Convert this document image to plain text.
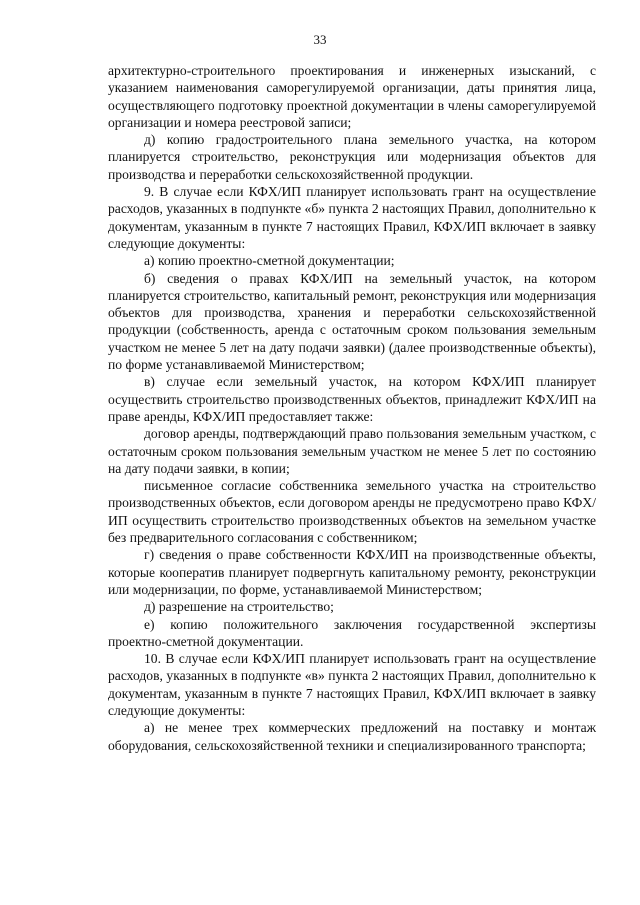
33

архитектурно-строительного проектирования и инженерных изысканий, с указанием наименования саморегулируемой организации, даты принятия лица, осуществляющего подготовку проектной документации в члены саморегулируемой организации и номера реестровой записи;

д) копию градостроительного плана земельного участка, на котором планируется строительство, реконструкция или модернизация объектов для производства и переработки сельскохозяйственной продукции.

9. В случае если КФХ/ИП планирует использовать грант на осуществление расходов, указанных в подпункте «б» пункта 2 настоящих Правил, дополнительно к документам, указанным в пункте 7 настоящих Правил, КФХ/ИП включает в заявку следующие документы:

а) копию проектно-сметной документации;

б) сведения о правах КФХ/ИП на земельный участок, на котором планируется строительство, капитальный ремонт, реконструкция или модернизация объектов для производства, хранения и переработки сельскохозяйственной продукции (собственность, аренда с остаточным сроком пользования земельным участком не менее 5 лет на дату подачи заявки) (далее производственные объекты), по форме устанавливаемой Министерством;

в) случае если земельный участок, на котором КФХ/ИП планирует осуществить строительство производственных объектов, принадлежит КФХ/ИП на праве аренды, КФХ/ИП предоставляет также:

договор аренды, подтверждающий право пользования земельным участком, с остаточным сроком пользования земельным участком не менее 5 лет по состоянию на дату подачи заявки, в копии;

письменное согласие собственника земельного участка на строительство производственных объектов, если договором аренды не предусмотрено право КФХ/ИП осуществить строительство производственных объектов на земельном участке без предварительного согласования с собственником;

г) сведения о праве собственности КФХ/ИП на производственные объекты, которые кооператив планирует подвергнуть капитальному ремонту, реконструкции или модернизации, по форме, устанавливаемой Министерством;

д) разрешение на строительство;

е) копию положительного заключения государственной экспертизы проектно-сметной документации.

10. В случае если КФХ/ИП планирует использовать грант на осуществление расходов, указанных в подпункте «в» пункта 2 настоящих Правил, дополнительно к документам, указанным в пункте 7 настоящих Правил, КФХ/ИП включает в заявку следующие документы:

а) не менее трех коммерческих предложений на поставку и монтаж оборудования, сельскохозяйственной техники и специализированного транспорта;
